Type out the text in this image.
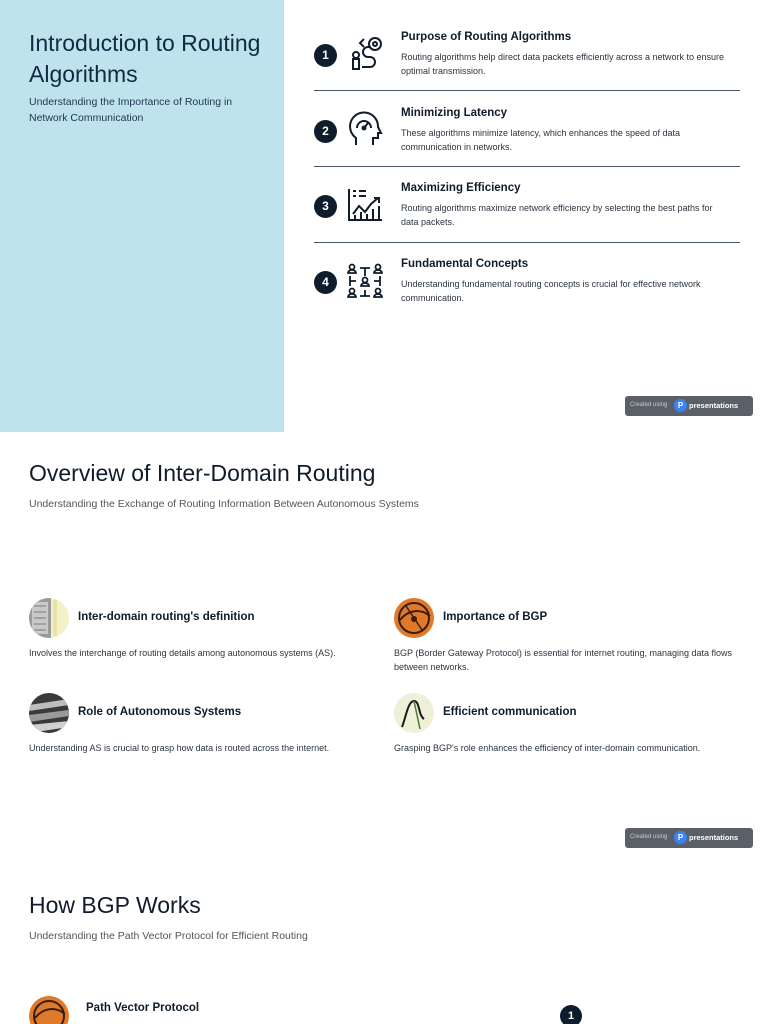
Introduction to Routing Algorithms

Understanding the Importance of Routing in Network Communication

1
Purpose of Routing Algorithms
Routing algorithms help direct data packets efficiently across a network to ensure optimal transmission.
2
Minimizing Latency
These algorithms minimize latency, which enhances the speed of data communication in networks.
3
Maximizing Efficiency
Routing algorithms maximize network efficiency by selecting the best paths for data packets.
4
Fundamental Concepts
Understanding fundamental routing concepts is crucial for effective network communication.
Created using	P presentations
Overview of Inter-Domain Routing

Understanding the Exchange of Routing Information Between Autonomous Systems

Inter-domain routing's definition
Involves the interchange of routing details among autonomous systems (AS).
Importance of BGP
BGP (Border Gateway Protocol) is essential for internet routing, managing data flows between networks.
Role of Autonomous Systems
Understanding AS is crucial to grasp how data is routed across the internet.
Efficient communication
Grasping BGP's role enhances the efficiency of inter-domain communication.
Created using	P presentations
How BGP Works

Understanding the Path Vector Protocol for Efficient Routing

Path Vector Protocol
1
